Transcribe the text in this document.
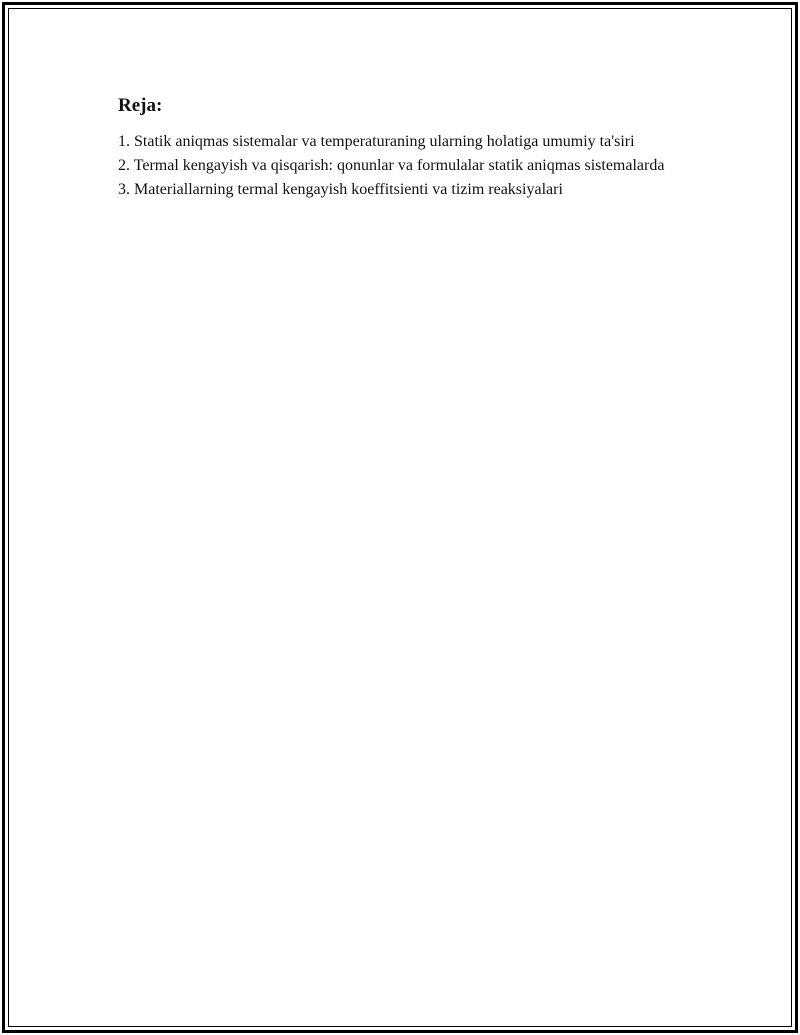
Reja:
1. Statik aniqmas sistemalar va temperaturaning ularning holatiga umumiy ta'siri
2. Termal kengayish va qisqarish: qonunlar va formulalar statik aniqmas sistemalarda
3. Materiallarning termal kengayish koeffitsienti va tizim reaksiyalari
